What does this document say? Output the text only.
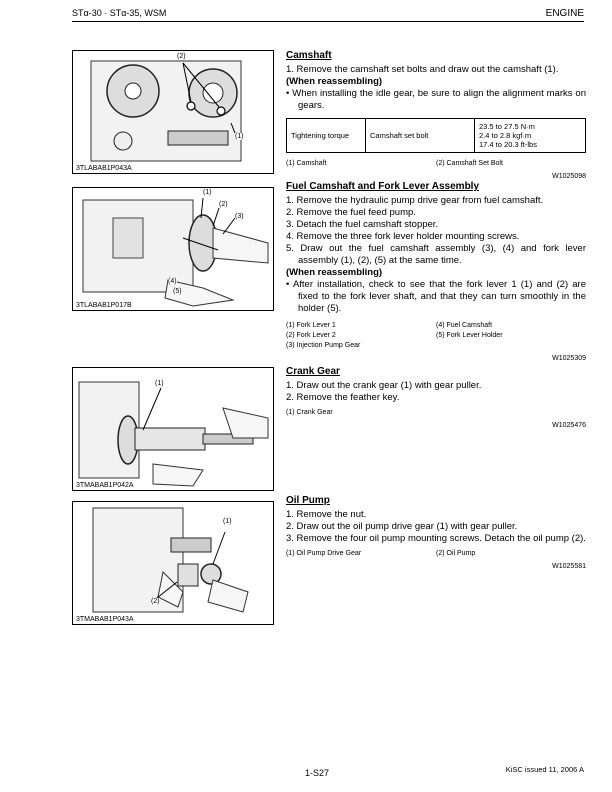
STα-30 · STα-35, WSM	ENGINE
(2)
(1)
3TLABAB1P043A
(1)
(2)
(3)
(4)
(5)
3TLABAB1P017B
(1)
3TMABAB1P042A
(1)
(2)
3TMABAB1P043A
Camshaft
1. Remove the camshaft set bolts and draw out the camshaft (1).
(When reassembling)
• When installing the idle gear, be sure to align the alignment marks on gears.
Tightening torque	Camshaft set bolt	
23.5 to 27.5 N·m
2.4 to 2.8 kgf·m
17.4 to 20.3 ft-lbs
(1) Camshaft	(2) Camshaft Set Bolt
W1025098
Fuel Camshaft and Fork Lever Assembly
1. Remove the hydraulic pump drive gear from fuel camshaft.
2. Remove the fuel feed pump.
3. Detach the fuel camshaft stopper.
4. Remove the three fork lever holder mounting screws.
5. Draw out the fuel camshaft assembly (3), (4) and fork lever assembly (1), (2), (5) at the same time.
(When reassembling)
• After installation, check to see that the fork lever 1 (1) and (2) are fixed to the fork lever shaft, and that they can turn smoothly in the holder (5).
(1) Fork Lever 1	(4) Fuel Camshaft
(2) Fork Lever 2	(5) Fork Lever Holder
(3) Injection Pump Gear
W1025309
Crank Gear
1. Draw out the crank gear (1) with gear puller.
2. Remove the feather key.
(1) Crank Gear
W1025476
Oil Pump
1. Remove the nut.
2. Draw out the oil pump drive gear (1) with gear puller.
3. Remove the four oil pump mounting screws. Detach the oil pump (2).
(1) Oil Pump Drive Gear	(2) Oil Pump
W1025581
1-S27	KiSC issued 11, 2006 A
